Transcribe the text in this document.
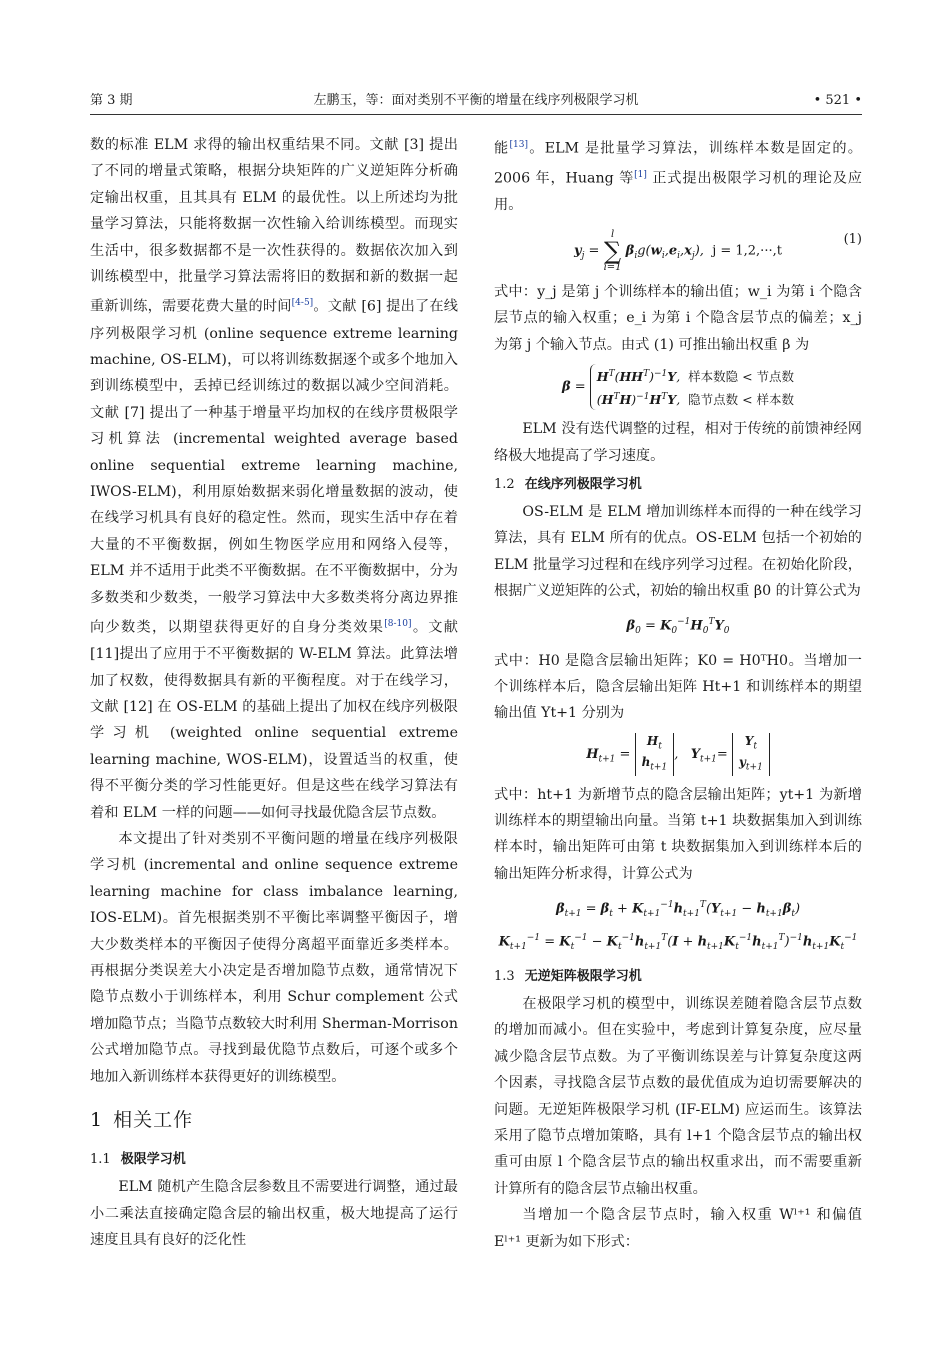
第 3 期	左鹏玉，等：面对类别不平衡的增量在线序列极限学习机	• 521 •

数的标准 ELM 求得的输出权重结果不同。文献 [3] 提出了不同的增量式策略，根据分块矩阵的广义逆矩阵分析确定输出权重，且其具有 ELM 的最优性。以上所述均为批量学习算法，只能将数据一次性输入给训练模型。而现实生活中，很多数据都不是一次性获得的。数据依次加入到训练模型中，批量学习算法需将旧的数据和新的数据一起重新训练，需要花费大量的时间[4-5]。文献 [6] 提出了在线序列极限学习机 (online sequence extreme learning machine, OS-ELM)，可以将训练数据逐个或多个地加入到训练模型中，丢掉已经训练过的数据以减少空间消耗。文献 [7] 提出了一种基于增量平均加权的在线序贯极限学习机算法 (incremental weighted average based online sequential extreme learning machine, IWOS-ELM)，利用原始数据来弱化增量数据的波动，使在线学习机具有良好的稳定性。然而，现实生活中存在着大量的不平衡数据，例如生物医学应用和网络入侵等，ELM 并不适用于此类不平衡数据。在不平衡数据中，分为多数类和少数类，一般学习算法中大多数类将分离边界推向少数类，以期望获得更好的自身分类效果[8-10]。文献 [11]提出了应用于不平衡数据的 W-ELM 算法。此算法增加了权数，使得数据具有新的平衡程度。对于在线学习，文献 [12] 在 OS-ELM 的基础上提出了加权在线序列极限学习机 (weighted online sequential extreme learning machine, WOS-ELM)，设置适当的权重，使得不平衡分类的学习性能更好。但是这些在线学习算法有着和 ELM 一样的问题——如何寻找最优隐含层节点数。

本文提出了针对类别不平衡问题的增量在线序列极限学习机 (incremental and online sequence extreme learning machine for class imbalance learning, IOS-ELM)。首先根据类别不平衡比率调整平衡因子，增大少数类样本的平衡因子使得分离超平面靠近多类样本。再根据分类误差大小决定是否增加隐节点数，通常情况下隐节点数小于训练样本，利用 Schur complement 公式增加隐节点；当隐节点数较大时利用 Sherman-Morrison 公式增加隐节点。寻找到最优隐节点数后，可逐个或多个地加入新训练样本获得更好的训练模型。

1 相关工作
1.1 极限学习机

ELM 随机产生隐含层参数且不需要进行调整，通过最小二乘法直接确定隐含层的输出权重，极大地提高了运行速度且具有良好的泛化性

能[13]。ELM 是批量学习算法，训练样本数是固定的。2006 年，Huang 等[1] 正式提出极限学习机的理论及应用。

$y_j = l$
∑
i=1 $\beta_ig(w_i,e_i,x_j)$,  j = 1,2,···,t
(1)

式中：y_j 是第 j 个训练样本的输出值；w_i 为第 i 个隐含层节点的输入权重；e_i 为第 i 个隐含层节点的偏差；x_j 为第 j 个输入节点。由式 (1) 可推出输出权重 β 为

$\beta = H^T(HH^T)^{-1}Y$,  样本数隐 < 节点数
$(H^TH)^{-1}H^TY$,  隐节点数 < 样本数

ELM 没有迭代调整的过程，相对于传统的前馈神经网络极大地提高了学习速度。

1.2 在线序列极限学习机

OS-ELM 是 ELM 增加训练样本而得的一种在线学习算法，具有 ELM 所有的优点。OS-ELM 包括一个初始的 ELM 批量学习过程和在线序列学习过程。在初始化阶段，根据广义逆矩阵的公式，初始的输出权重 β0 的计算公式为

$\beta_0 = K_0^{-1}H_0^TY_0$

式中：H0 是隐含层输出矩阵；K0 = H0ᵀH0。当增加一个训练样本后，隐含层输出矩阵 Ht+1 和训练样本的期望输出值 Yt+1 分别为

$H_{t+1} = H_t$
$h_{t+1}$,   $Y_{t+1}= Y_t$
$y_{t+1}$

式中：ht+1 为新增节点的隐含层输出矩阵；yt+1 为新增训练样本的期望输出向量。当第 t+1 块数据集加入到训练样本时，输出矩阵可由第 t 块数据集加入到训练样本后的输出矩阵分析求得，计算公式为

$\beta_{t+1} = \beta_t + K_{t+1}^{-1}h_{t+1}^T(Y_{t+1} - h_{t+1}\beta_t)$
$K_{t+1}^{-1} = K_t^{-1} - K_t^{-1}h_{t+1}^T(I + h_{t+1}K_t^{-1}h_{t+1}^T)^{-1}h_{t+1}K_t^{-1}$
1.3 无逆矩阵极限学习机

在极限学习机的模型中，训练误差随着隐含层节点数的增加而减小。但在实验中，考虑到计算复杂度，应尽量减少隐含层节点数。为了平衡训练误差与计算复杂度这两个因素，寻找隐含层节点数的最优值成为迫切需要解决的问题。无逆矩阵极限学习机 (IF-ELM) 应运而生。该算法采用了隐节点增加策略，具有 l+1 个隐含层节点的输出权重可由原 l 个隐含层节点的输出权重求出，而不需要重新计算所有的隐含层节点输出权重。

当增加一个隐含层节点时，输入权重 Wˡ⁺¹ 和偏值 Eˡ⁺¹ 更新为如下形式：
